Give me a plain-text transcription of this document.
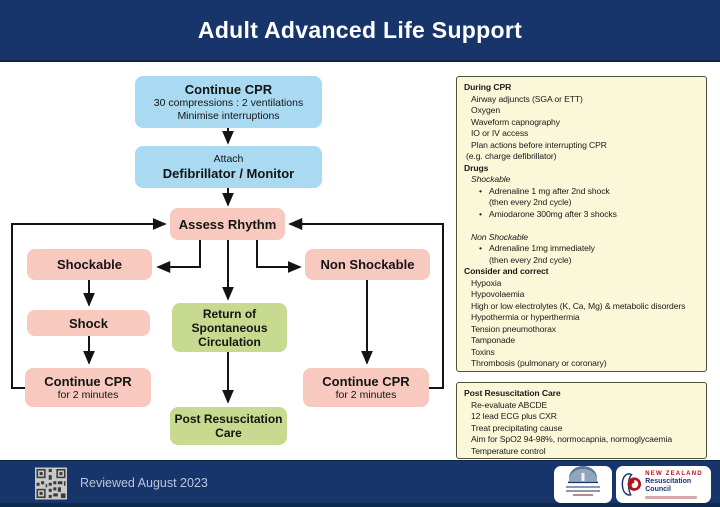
Adult Advanced Life Support
Continue CPR
30 compressions : 2 ventilations
Minimise interruptions
Attach
Defibrillator / Monitor
Assess Rhythm
Shockable	Non Shockable
Shock
Return of Spontaneous Circulation
Continue CPR
for 2 minutes
Continue CPR
for 2 minutes
Post Resuscitation Care
During CPR
Airway adjuncts (SGA or ETT)
Oxygen
Waveform capnography
IO or IV access
Plan actions before interrupting CPR
(e.g. charge defibrillator)
Drugs
Shockable
• Adrenaline 1 mg after 2nd shock
(then every 2nd cycle)
• Amiodarone 300mg after 3 shocks
Non Shockable
• Adrenaline 1mg immediately
(then every 2nd cycle)
Consider and correct
Hypoxia
Hypovolaemia
High or low electrolytes (K, Ca, Mg) & metabolic disorders
Hypothermia or hyperthermia
Tension pneumothorax
Tamponade
Toxins
Thrombosis (pulmonary or coronary)
Post Resuscitation Care
Re-evaluate ABCDE
12 lead ECG plus CXR
Treat precipitating cause
Aim for SpO2 94-98%, normocapnia, normoglycaemia
Temperature control
Reviewed August 2023
NEW ZEALAND
Resuscitation Council
